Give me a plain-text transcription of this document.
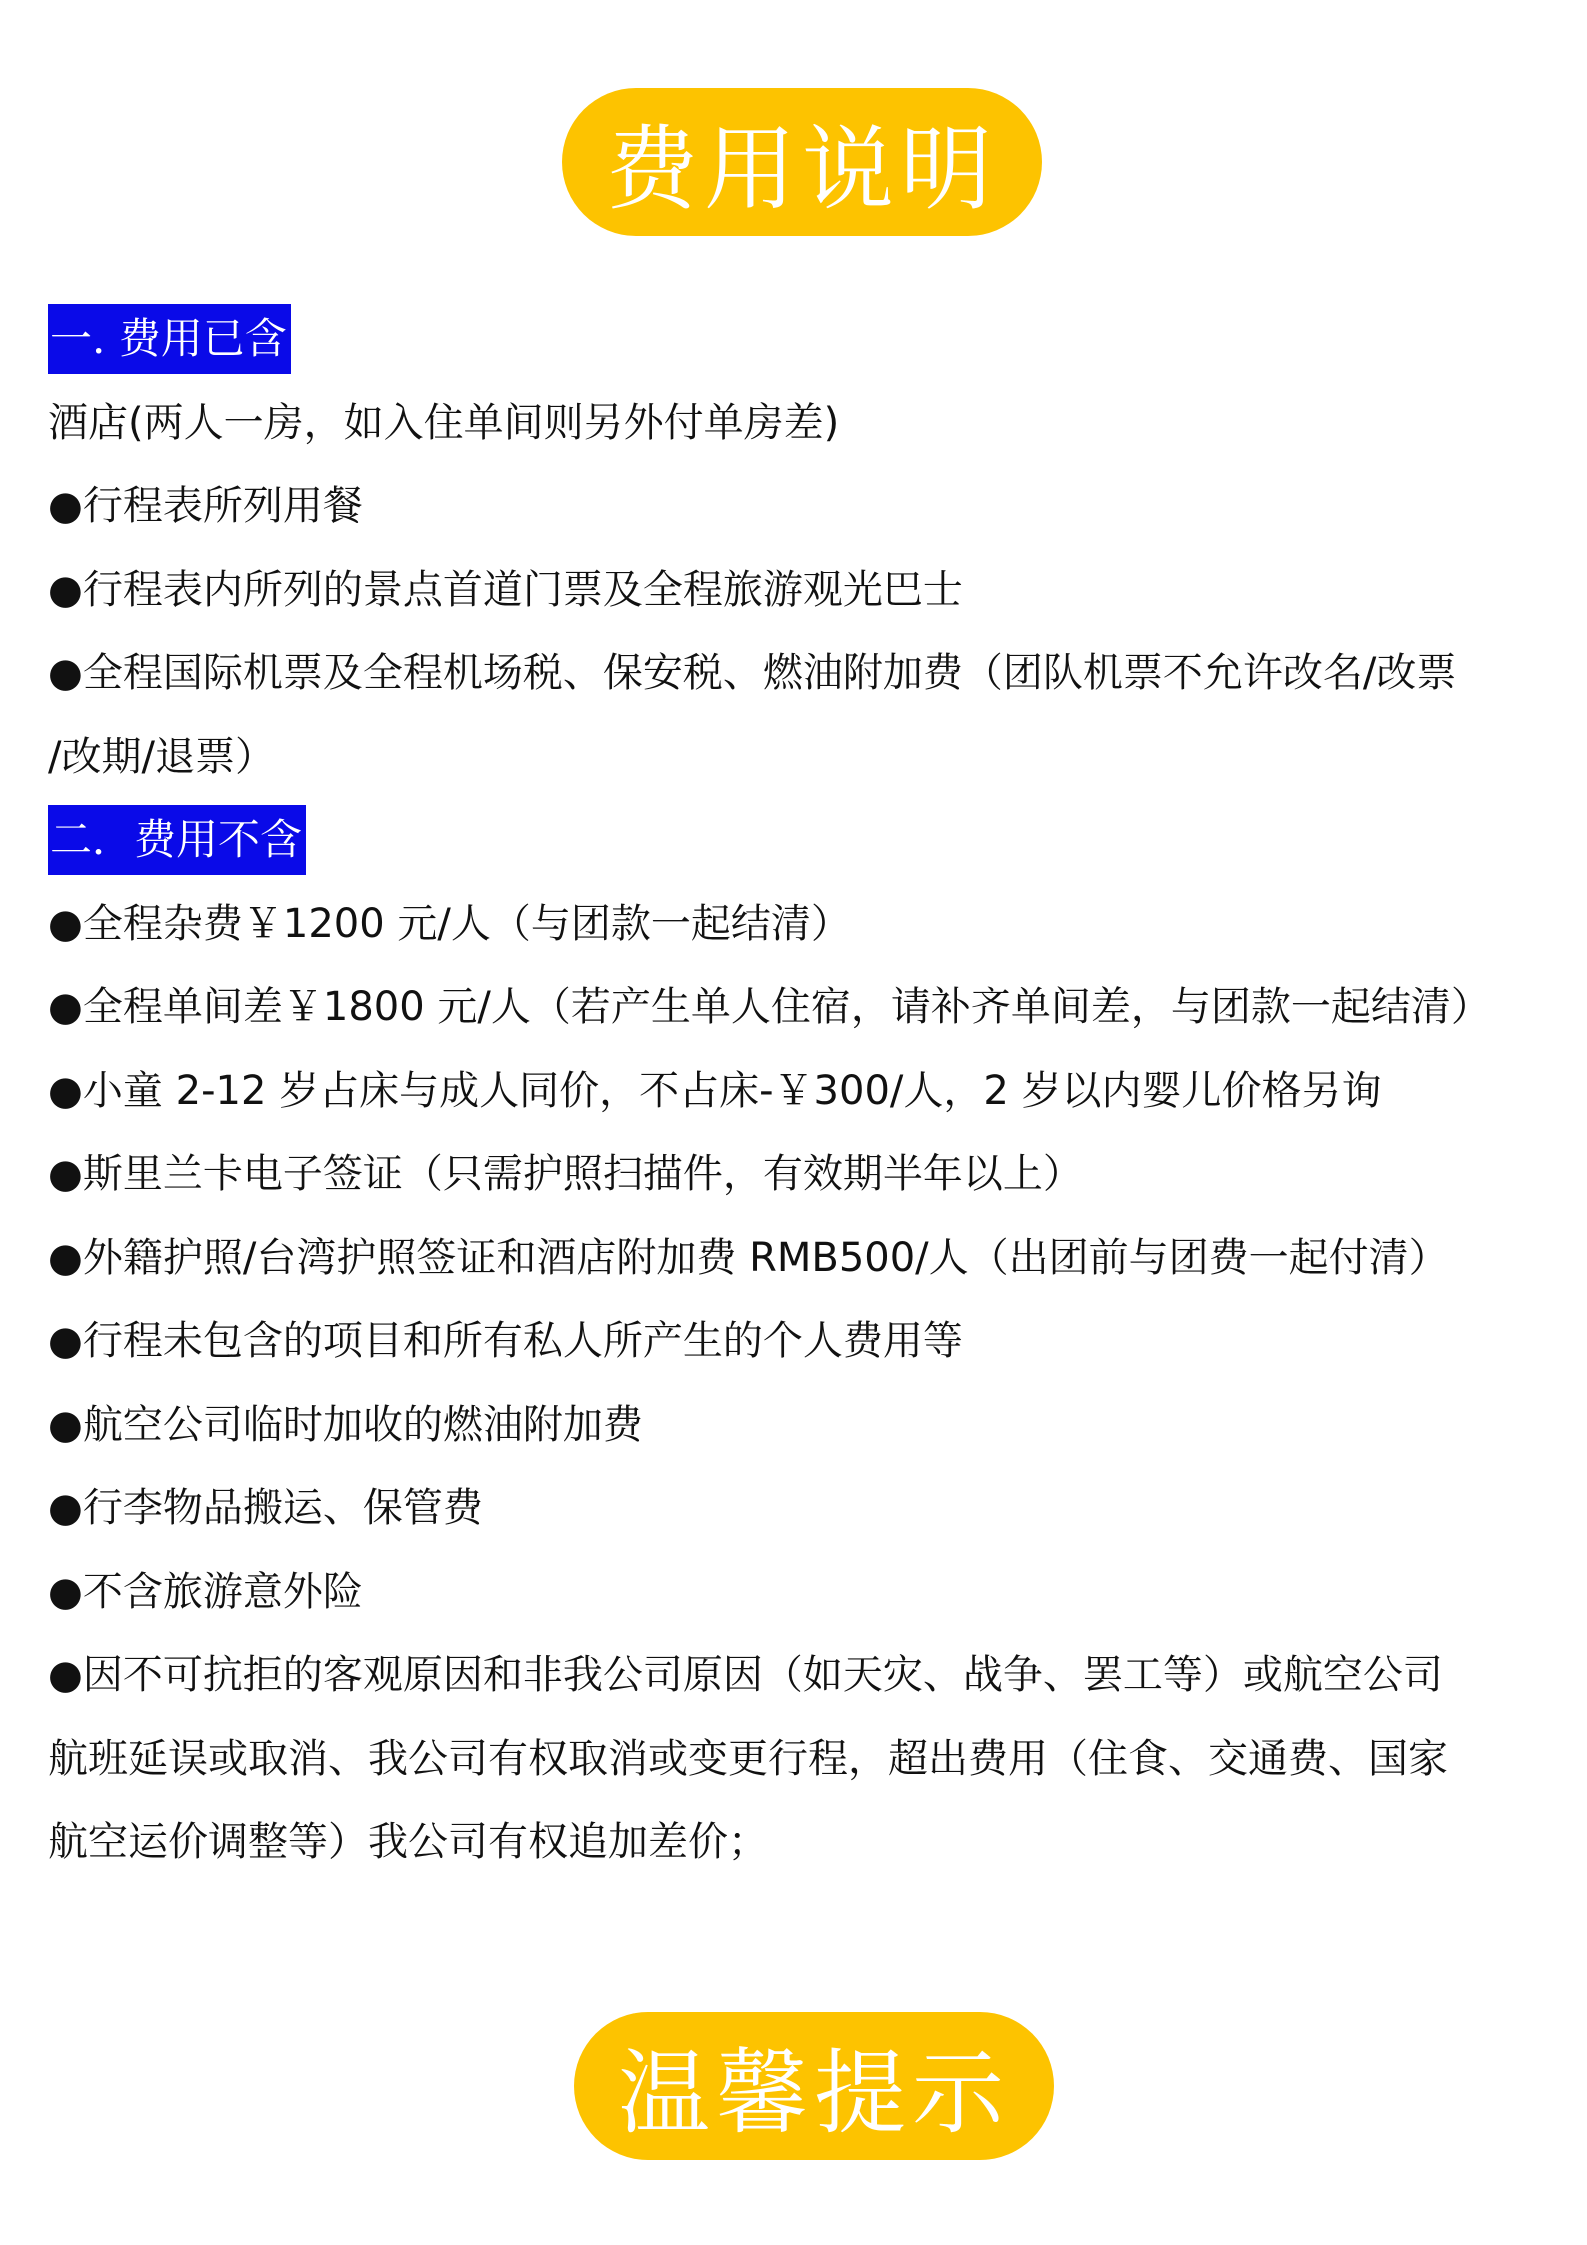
费用说明
一. 费用已含
酒店(两人一房，如入住单间则另外付单房差)
●行程表所列用餐
●行程表内所列的景点首道门票及全程旅游观光巴士
●全程国际机票及全程机场税、保安税、燃油附加费（团队机票不允许改名/改票
/改期/退票）
二．费用不含
●全程杂费￥1200 元/人（与团款一起结清）
●全程单间差￥1800 元/人（若产生单人住宿，请补齐单间差，与团款一起结清）
●小童 2-12 岁占床与成人同价，不占床-￥300/人，2 岁以内婴儿价格另询
●斯里兰卡电子签证（只需护照扫描件，有效期半年以上）
●外籍护照/台湾护照签证和酒店附加费 RMB500/人（出团前与团费一起付清）
●行程未包含的项目和所有私人所产生的个人费用等
●航空公司临时加收的燃油附加费
●行李物品搬运、保管费
●不含旅游意外险
●因不可抗拒的客观原因和非我公司原因（如天灾、战争、罢工等）或航空公司
航班延误或取消、我公司有权取消或变更行程，超出费用（住食、交通费、国家
航空运价调整等）我公司有权追加差价；
温馨提示
